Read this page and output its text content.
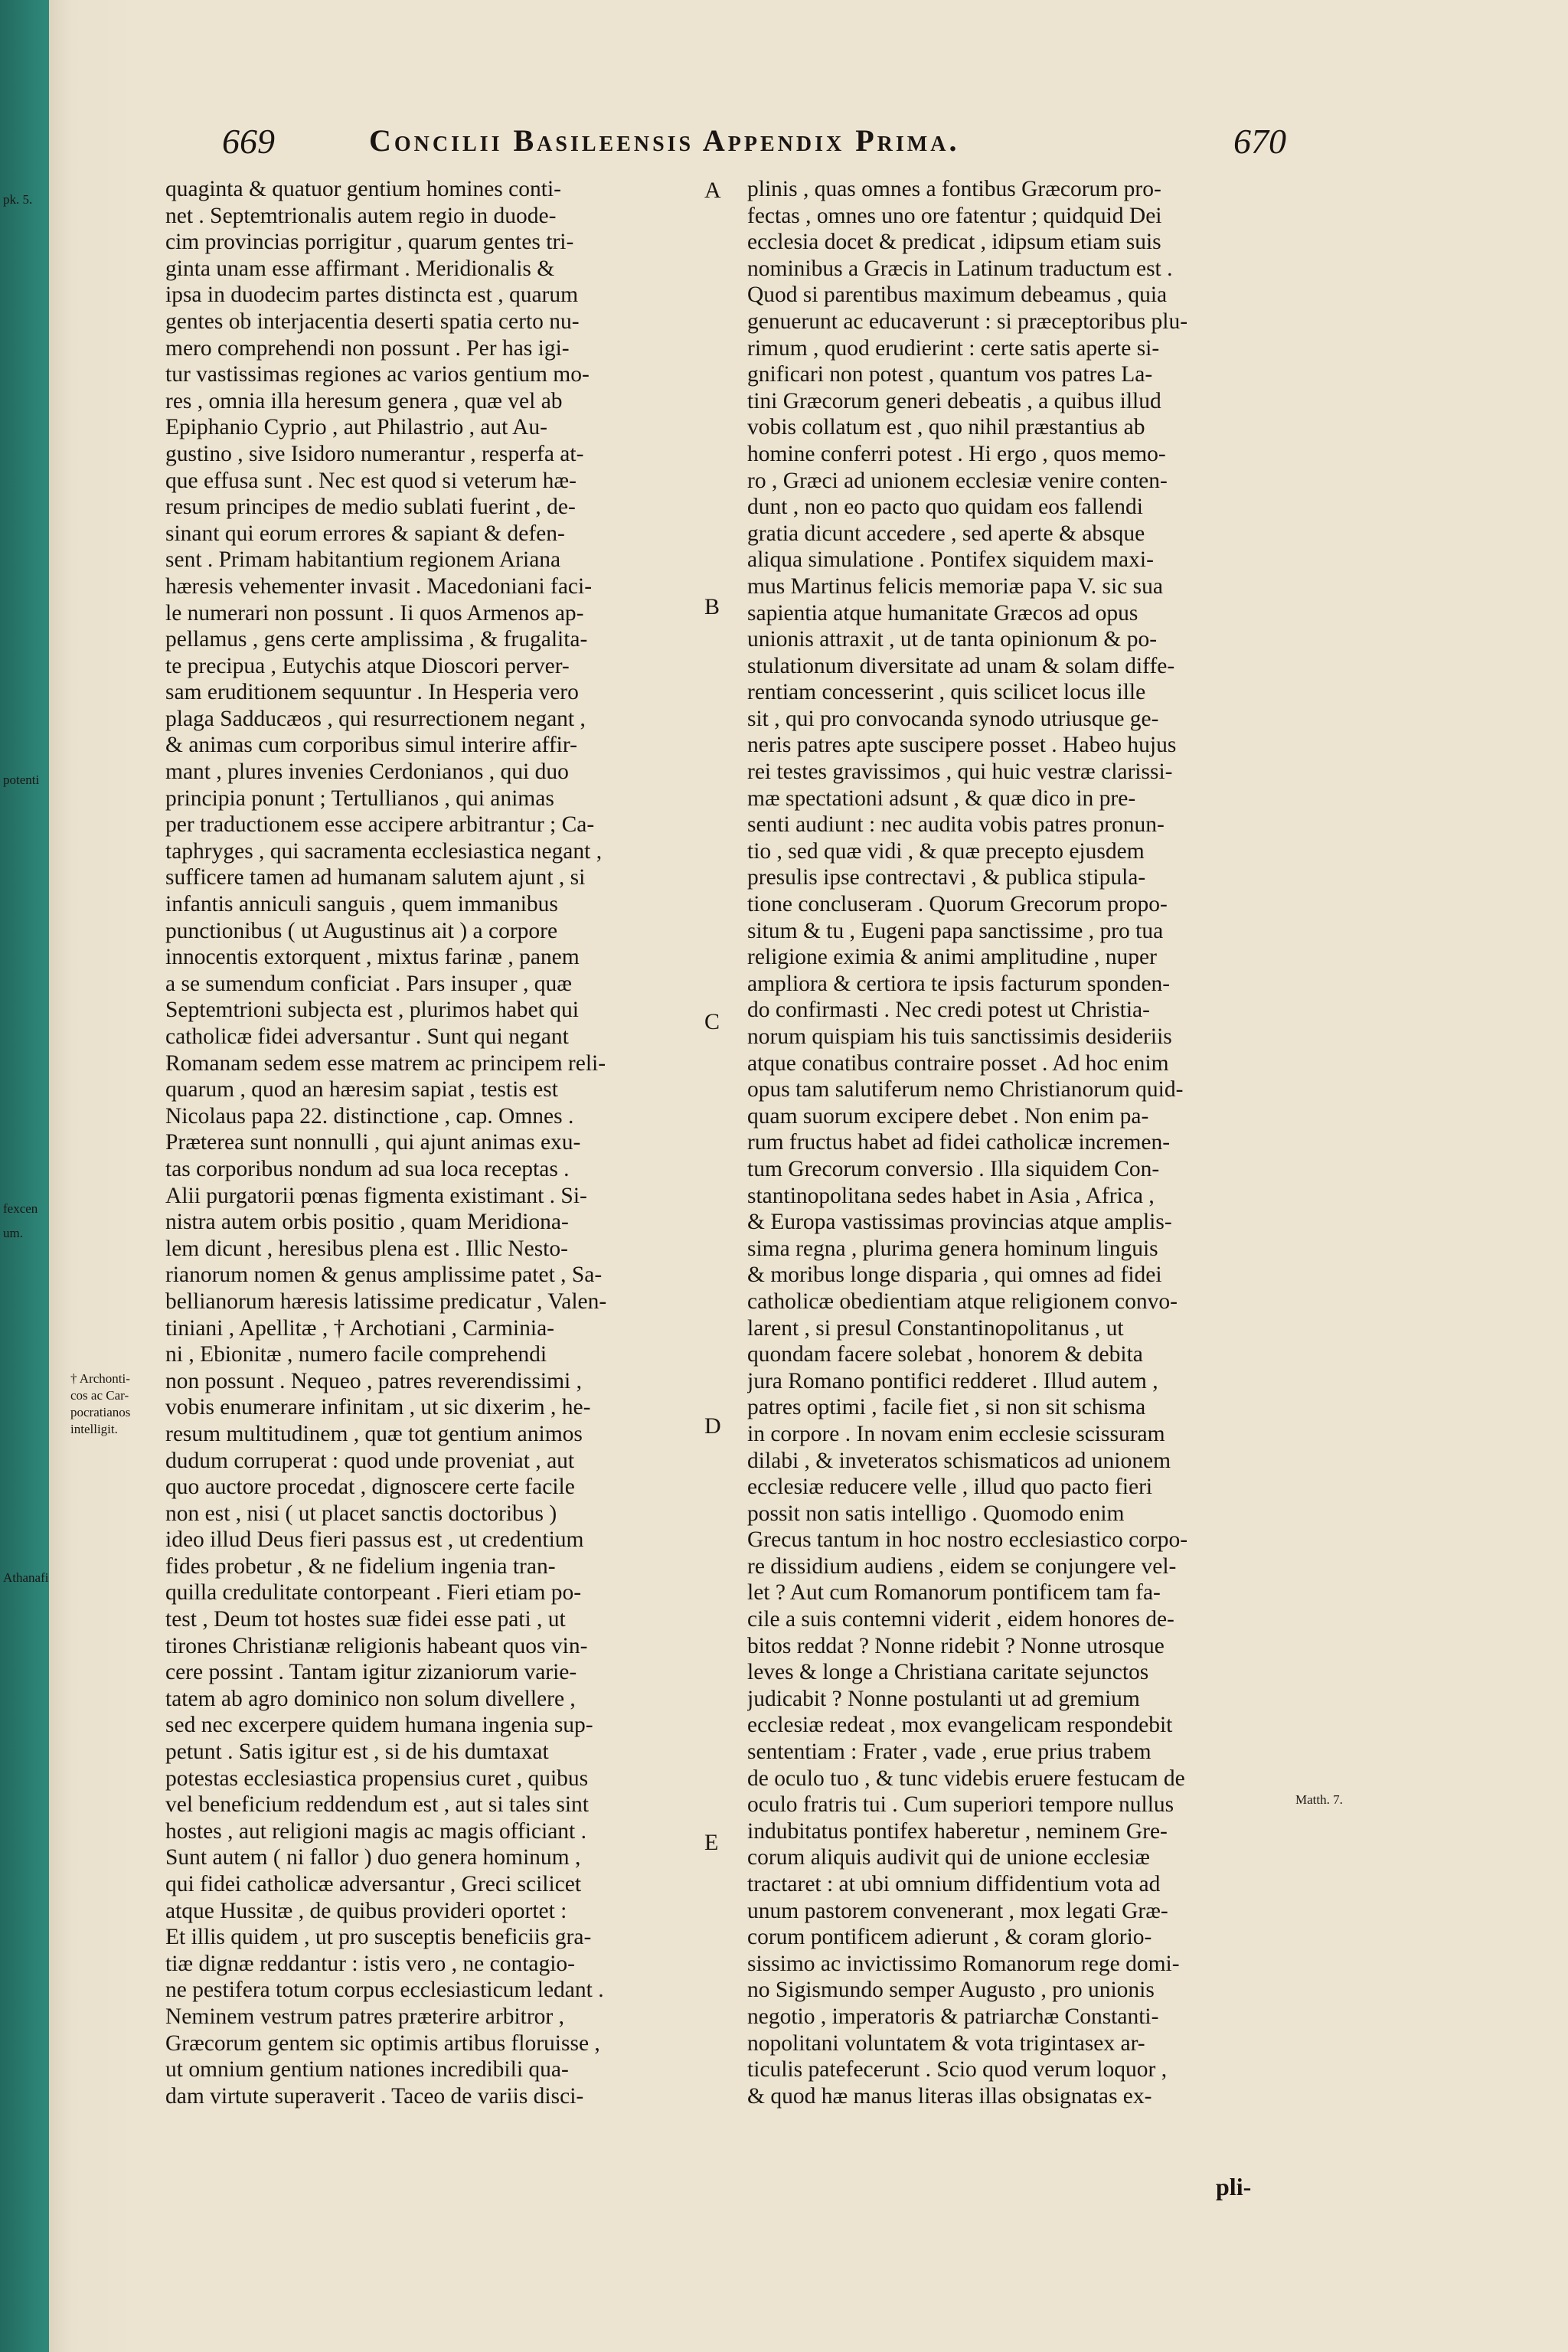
669	Concilii Basileensis Appendix Prima.	670
quaginta & quatuor gentium homines conti-
net . Septemtrionalis autem regio in duode-
cim provincias porrigitur , quarum gentes tri-
ginta unam esse affirmant . Meridionalis &
ipsa in duodecim partes distincta est , quarum
gentes ob interjacentia deserti spatia certo nu-
mero comprehendi non possunt . Per has igi-
tur vastissimas regiones ac varios gentium mo-
res , omnia illa heresum genera , quæ vel ab
Epiphanio Cyprio , aut Philastrio , aut Au-
gustino , sive Isidoro numerantur , resperfa at-
que effusa sunt . Nec est quod si veterum hæ-
resum principes de medio sublati fuerint , de-
sinant qui eorum errores & sapiant & defen-
sent . Primam habitantium regionem Ariana
hæresis vehementer invasit . Macedoniani faci-
le numerari non possunt . Ii quos Armenos ap-
pellamus , gens certe amplissima , & frugalita-
te precipua , Eutychis atque Dioscori perver-
sam eruditionem sequuntur . In Hesperia vero
plaga Sadducæos , qui resurrectionem negant ,
& animas cum corporibus simul interire affir-
mant , plures invenies Cerdonianos , qui duo
principia ponunt ; Tertullianos , qui animas
per traductionem esse accipere arbitrantur ; Ca-
taphryges , qui sacramenta ecclesiastica negant ,
sufficere tamen ad humanam salutem ajunt , si
infantis anniculi sanguis , quem immanibus
punctionibus ( ut Augustinus ait ) a corpore
innocentis extorquent , mixtus farinæ , panem
a se sumendum conficiat . Pars insuper , quæ
Septemtrioni subjecta est , plurimos habet qui
catholicæ fidei adversantur . Sunt qui negant
Romanam sedem esse matrem ac principem reli-
quarum , quod an hæresim sapiat , testis est
Nicolaus papa 22. distinctione , cap. Omnes .
Præterea sunt nonnulli , qui ajunt animas exu-
tas corporibus nondum ad sua loca receptas .
Alii purgatorii pœnas figmenta existimant . Si-
nistra autem orbis positio , quam Meridiona-
lem dicunt , heresibus plena est . Illic Nesto-
rianorum nomen & genus amplissime patet , Sa-
bellianorum hæresis latissime predicatur , Valen-
tiniani , Apellitæ , † Archotiani , Carminia-
ni , Ebionitæ , numero facile comprehendi
non possunt . Nequeo , patres reverendissimi ,
vobis enumerare infinitam , ut sic dixerim , he-
resum multitudinem , quæ tot gentium animos
dudum corruperat : quod unde proveniat , aut
quo auctore procedat , dignoscere certe facile
non est , nisi ( ut placet sanctis doctoribus )
ideo illud Deus fieri passus est , ut credentium
fides probetur , & ne fidelium ingenia tran-
quilla credulitate contorpeant . Fieri etiam po-
test , Deum tot hostes suæ fidei esse pati , ut
tirones Christianæ religionis habeant quos vin-
cere possint . Tantam igitur zizaniorum varie-
tatem ab agro dominico non solum divellere ,
sed nec excerpere quidem humana ingenia sup-
petunt . Satis igitur est , si de his dumtaxat
potestas ecclesiastica propensius curet , quibus
vel beneficium reddendum est , aut si tales sint
hostes , aut religioni magis ac magis officiant .
Sunt autem ( ni fallor ) duo genera hominum ,
qui fidei catholicæ adversantur , Greci scilicet
atque Hussitæ , de quibus provideri oportet :
Et illis quidem , ut pro susceptis beneficiis gra-
tiæ dignæ reddantur : istis vero , ne contagio-
ne pestifera totum corpus ecclesiasticum ledant .
Neminem vestrum patres præterire arbitror ,
Græcorum gentem sic optimis artibus floruisse ,
ut omnium gentium nationes incredibili qua-
dam virtute superaverit . Taceo de variis disci-
plinis , quas omnes a fontibus Græcorum pro-
fectas , omnes uno ore fatentur ; quidquid Dei
ecclesia docet & predicat , idipsum etiam suis
nominibus a Græcis in Latinum traductum est .
Quod si parentibus maximum debeamus , quia
genuerunt ac educaverunt : si præceptoribus plu-
rimum , quod erudierint : certe satis aperte si-
gnificari non potest , quantum vos patres La-
tini Græcorum generi debeatis , a quibus illud
vobis collatum est , quo nihil præstantius ab
homine conferri potest . Hi ergo , quos memo-
ro , Græci ad unionem ecclesiæ venire conten-
dunt , non eo pacto quo quidam eos fallendi
gratia dicunt accedere , sed aperte & absque
aliqua simulatione . Pontifex siquidem maxi-
mus Martinus felicis memoriæ papa V. sic sua
sapientia atque humanitate Græcos ad opus
unionis attraxit , ut de tanta opinionum & po-
stulationum diversitate ad unam & solam diffe-
rentiam concesserint , quis scilicet locus ille
sit , qui pro convocanda synodo utriusque ge-
neris patres apte suscipere posset . Habeo hujus
rei testes gravissimos , qui huic vestræ clarissi-
mæ spectationi adsunt , & quæ dico in pre-
senti audiunt : nec audita vobis patres pronun-
tio , sed quæ vidi , & quæ precepto ejusdem
presulis ipse contrectavi , & publica stipula-
tione concluseram . Quorum Grecorum propo-
situm & tu , Eugeni papa sanctissime , pro tua
religione eximia & animi amplitudine , nuper
ampliora & certiora te ipsis facturum sponden-
do confirmasti . Nec credi potest ut Christia-
norum quispiam his tuis sanctissimis desideriis
atque conatibus contraire posset . Ad hoc enim
opus tam salutiferum nemo Christianorum quid-
quam suorum excipere debet . Non enim pa-
rum fructus habet ad fidei catholicæ incremen-
tum Grecorum conversio . Illa siquidem Con-
stantinopolitana sedes habet in Asia , Africa ,
& Europa vastissimas provincias atque amplis-
sima regna , plurima genera hominum linguis
& moribus longe disparia , qui omnes ad fidei
catholicæ obedientiam atque religionem convo-
larent , si presul Constantinopolitanus , ut
quondam facere solebat , honorem & debita
jura Romano pontifici redderet . Illud autem ,
patres optimi , facile fiet , si non sit schisma
in corpore . In novam enim ecclesie scissuram
dilabi , & inveteratos schismaticos ad unionem
ecclesiæ reducere velle , illud quo pacto fieri
possit non satis intelligo . Quomodo enim
Grecus tantum in hoc nostro ecclesiastico corpo-
re dissidium audiens , eidem se conjungere vel-
let ? Aut cum Romanorum pontificem tam fa-
cile a suis contemni viderit , eidem honores de-
bitos reddat ? Nonne ridebit ? Nonne utrosque
leves & longe a Christiana caritate sejunctos
judicabit ? Nonne postulanti ut ad gremium
ecclesiæ redeat , mox evangelicam respondebit
sententiam : Frater , vade , erue prius trabem
de oculo tuo , & tunc videbis eruere festucam de
oculo fratris tui . Cum superiori tempore nullus
indubitatus pontifex haberetur , neminem Gre-
corum aliquis audivit qui de unione ecclesiæ
tractaret : at ubi omnium diffidentium vota ad
unum pastorem convenerant , mox legati Græ-
corum pontificem adierunt , & coram glorio-
sissimo ac invictissimo Romanorum rege domi-
no Sigismundo semper Augusto , pro unionis
negotio , imperatoris & patriarchæ Constanti-
nopolitani voluntatem & vota trigintasex ar-
ticulis patefecerunt . Scio quod verum loquor ,
& quod hæ manus literas illas obsignatas ex-
A
B
C
D
E
pk. 5.
potenti
fexcen
um.
† Archonti-
cos ac Car-
pocratianos
intelligit.
Athanafi
Matth. 7.
pli-
